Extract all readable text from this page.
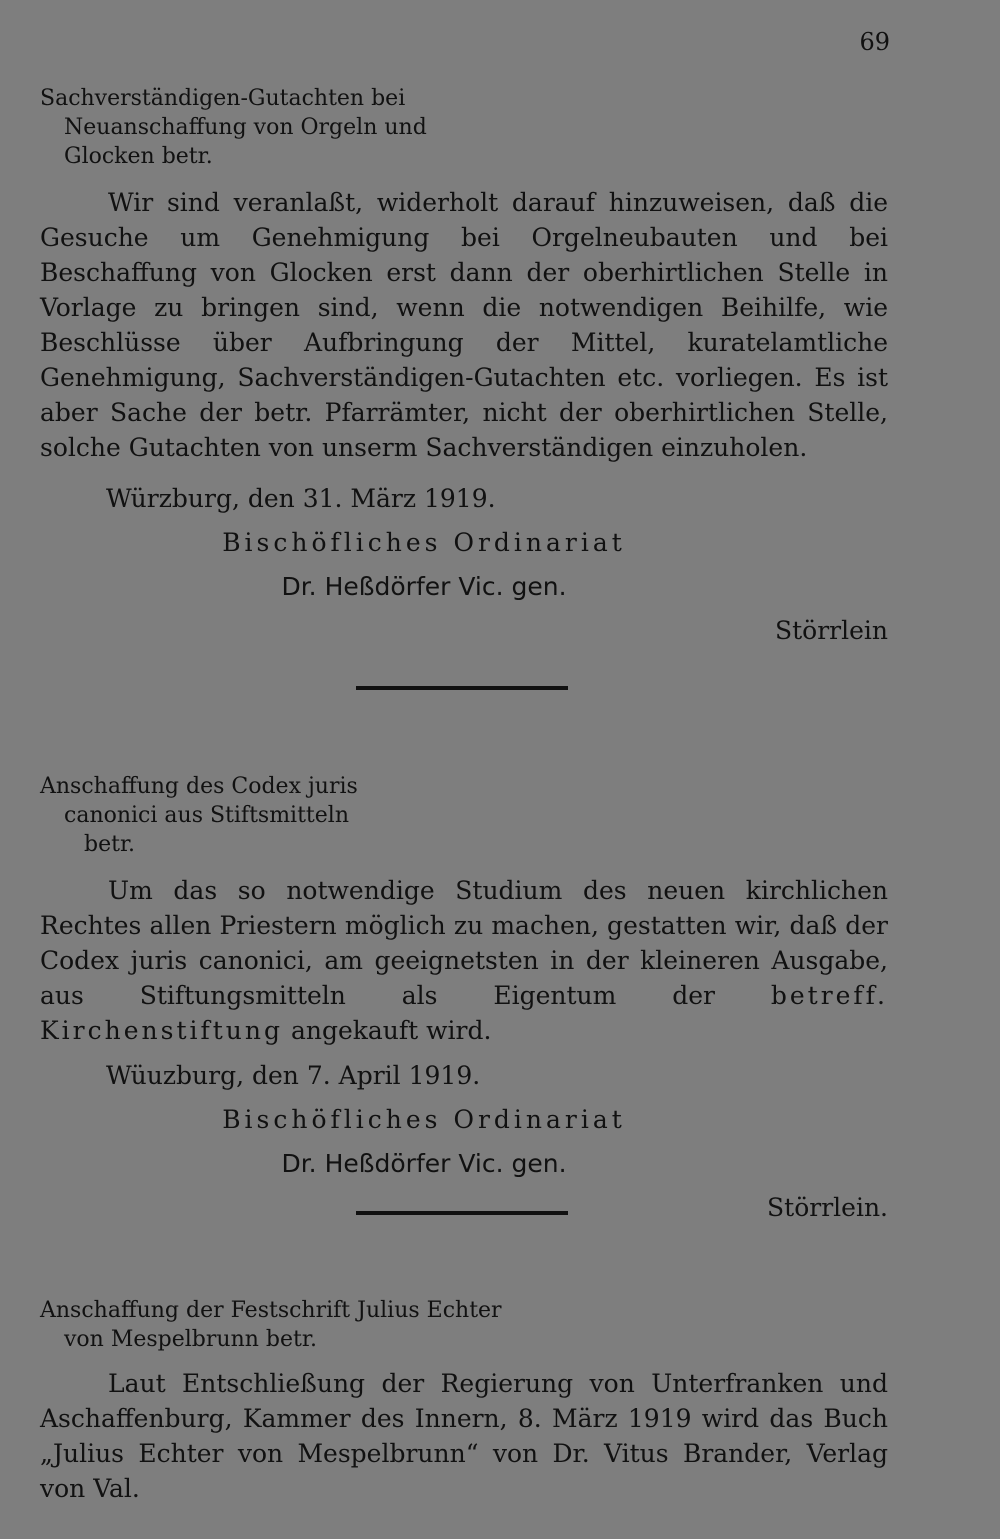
69
Sachverständigen-Gutachten bei
Neuanschaffung von Orgeln und
Glocken betr.
Wir sind veranlaßt, widerholt darauf hinzuweisen, daß die Gesuche um Genehmigung bei Orgelneubauten und bei Beschaffung von Glocken erst dann der oberhirtlichen Stelle in Vorlage zu bringen sind, wenn die notwendigen Beihilfe, wie Beschlüsse über Aufbringung der Mittel, kuratelamtliche Genehmigung, Sachverständigen-Gutachten etc. vorliegen. Es ist aber Sache der betr. Pfarrämter, nicht der oberhirtlichen Stelle, solche Gutachten von unserm Sachverständigen einzuholen.
Würzburg, den 31. März 1919.
Bischöfliches Ordinariat
Dr. Heßdörfer Vic. gen.
Störrlein
Anschaffung des Codex juris
canonici aus Stiftsmitteln
betr.
Um das so notwendige Studium des neuen kirchlichen Rechtes allen Priestern möglich zu machen, gestatten wir, daß der Codex juris canonici, am geeignetsten in der kleineren Ausgabe, aus Stiftungsmitteln als Eigentum der betreff. Kirchenstiftung angekauft wird.
Wüuzburg, den 7. April 1919.
Bischöfliches Ordinariat
Dr. Heßdörfer Vic. gen.
Störrlein.
Anschaffung der Festschrift Julius Echter
von Mespelbrunn betr.
Laut Entschließung der Regierung von Unterfranken und Aschaffenburg, Kammer des Innern, 8. März 1919 wird das Buch „Julius Echter von Mespelbrunn“ von Dr. Vitus Brander, Verlag von Val.
